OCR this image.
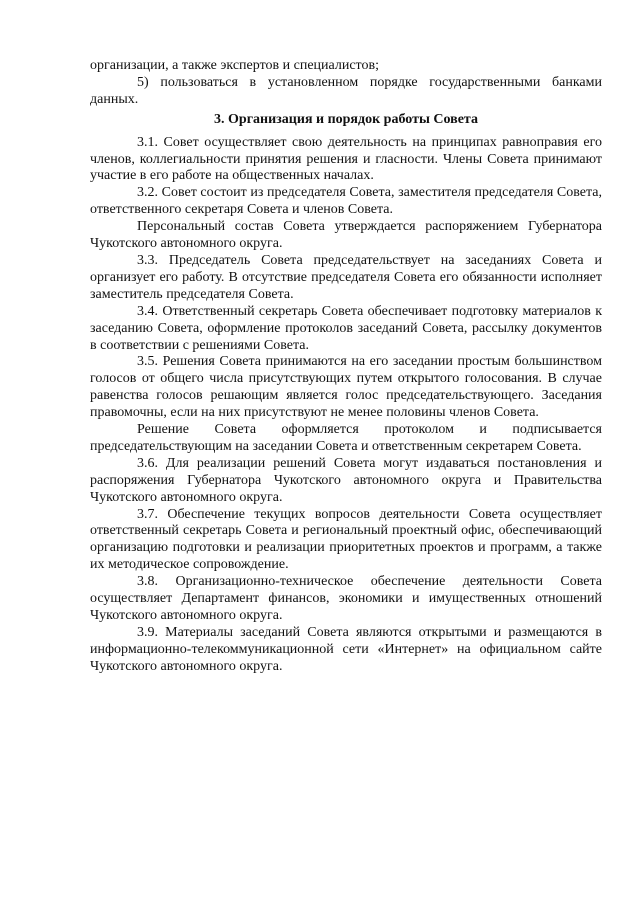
организации, а также экспертов и специалистов;

5) пользоваться в установленном порядке государственными банками данных.

3. Организация и порядок работы Совета

3.1. Совет осуществляет свою деятельность на принципах равноправия его членов, коллегиальности принятия решения и гласности. Члены Совета принимают участие в его работе на общественных началах.

3.2. Совет состоит из председателя Совета, заместителя председателя Совета, ответственного секретаря Совета и членов Совета.

Персональный состав Совета утверждается распоряжением Губернатора Чукотского автономного округа.

3.3. Председатель Совета председательствует на заседаниях Совета и организует его работу. В отсутствие председателя Совета его обязанности исполняет заместитель председателя Совета.

3.4. Ответственный секретарь Совета обеспечивает подготовку материалов к заседанию Совета, оформление протоколов заседаний Совета, рассылку документов в соответствии с решениями Совета.

3.5. Решения Совета принимаются на его заседании простым большинством голосов от общего числа присутствующих путем открытого голосования. В случае равенства голосов решающим является голос председательствующего. Заседания правомочны, если на них присутствуют не менее половины членов Совета.

Решение Совета оформляется протоколом и подписывается председательствующим на заседании Совета и ответственным секретарем Совета.

3.6. Для реализации решений Совета могут издаваться постановления и распоряжения Губернатора Чукотского автономного округа и Правительства Чукотского автономного округа.

3.7. Обеспечение текущих вопросов деятельности Совета осуществляет ответственный секретарь Совета и региональный проектный офис, обеспечивающий организацию подготовки и реализации приоритетных проектов и программ, а также их методическое сопровождение.

3.8. Организационно-техническое обеспечение деятельности Совета осуществляет Департамент финансов, экономики и имущественных отношений Чукотского автономного округа.

3.9. Материалы заседаний Совета являются открытыми и размещаются в информационно-телекоммуникационной сети «Интернет» на официальном сайте Чукотского автономного округа.
